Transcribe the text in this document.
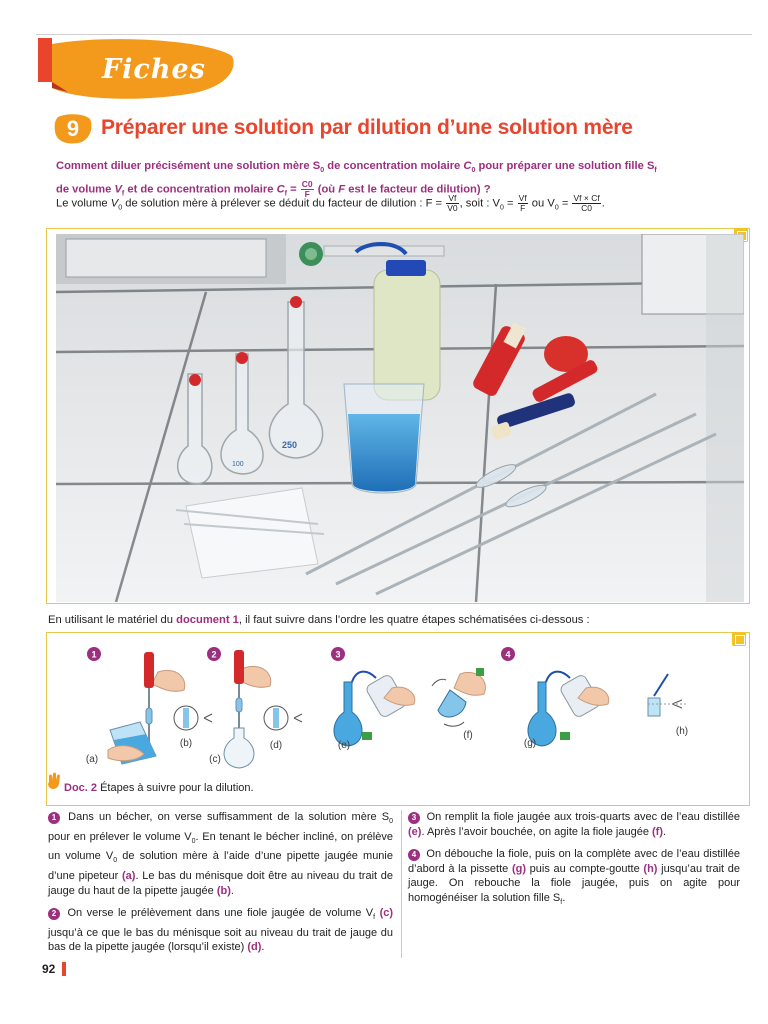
Fiches
9	Préparer une solution par dilution d’une solution mère
Comment diluer précisément une solution mère $S_0$ de concentration molaire $C_0$ pour préparer une solution fille $S_f$
de volume $V_f$ et de concentration molaire $C_f = \frac{C0}{F}$ (où F est le facteur de dilution) ?
Le volume $V_0$ de solution mère à prélever se déduit du facteur de dilution : $F = \frac{Vf}{V0}$ , soit : $V_0 = \frac{Vf}{F}$ ou $V_0 = \frac{Vf \times Cf}{C0}$ .
250
100
En utilisant le matériel du document 1, il faut suivre dans l’ordre les quatre étapes schématisées ci-dessous :
1	2	3	4
(a)
(b)
(c)
(d)	(e)
(f)
(g)
(h)
Doc. 2 Étapes à suivre pour la dilution.

1 Dans un bécher, on verse suffisamment de la solution mère $S_0$ pour en prélever le volume $V_0$. En tenant le bécher incliné, on prélève un volume $V_0$ de solution mère à l’aide d’une pipette jaugée munie d’une pipeteur (a). Le bas du ménisque doit être au niveau du trait de jauge du haut de la pipette jaugée (b).

2 On verse le prélèvement dans une fiole jaugée de volume $V_f$ (c) jusqu’à ce que le bas du ménisque soit au niveau du trait de jauge du bas de la pipette jaugée (lorsqu’il existe) (d).

3 On remplit la fiole jaugée aux trois-quarts avec de l’eau distillée (e). Après l’avoir bouchée, on agite la fiole jaugée (f).

4 On débouche la fiole, puis on la complète avec de l’eau distillée d’abord à la pissette (g) puis au compte-goutte (h) jusqu’au trait de jauge. On rebouche la fiole jaugée, puis on agite pour homogénéiser la solution fille $S_f$.

92
